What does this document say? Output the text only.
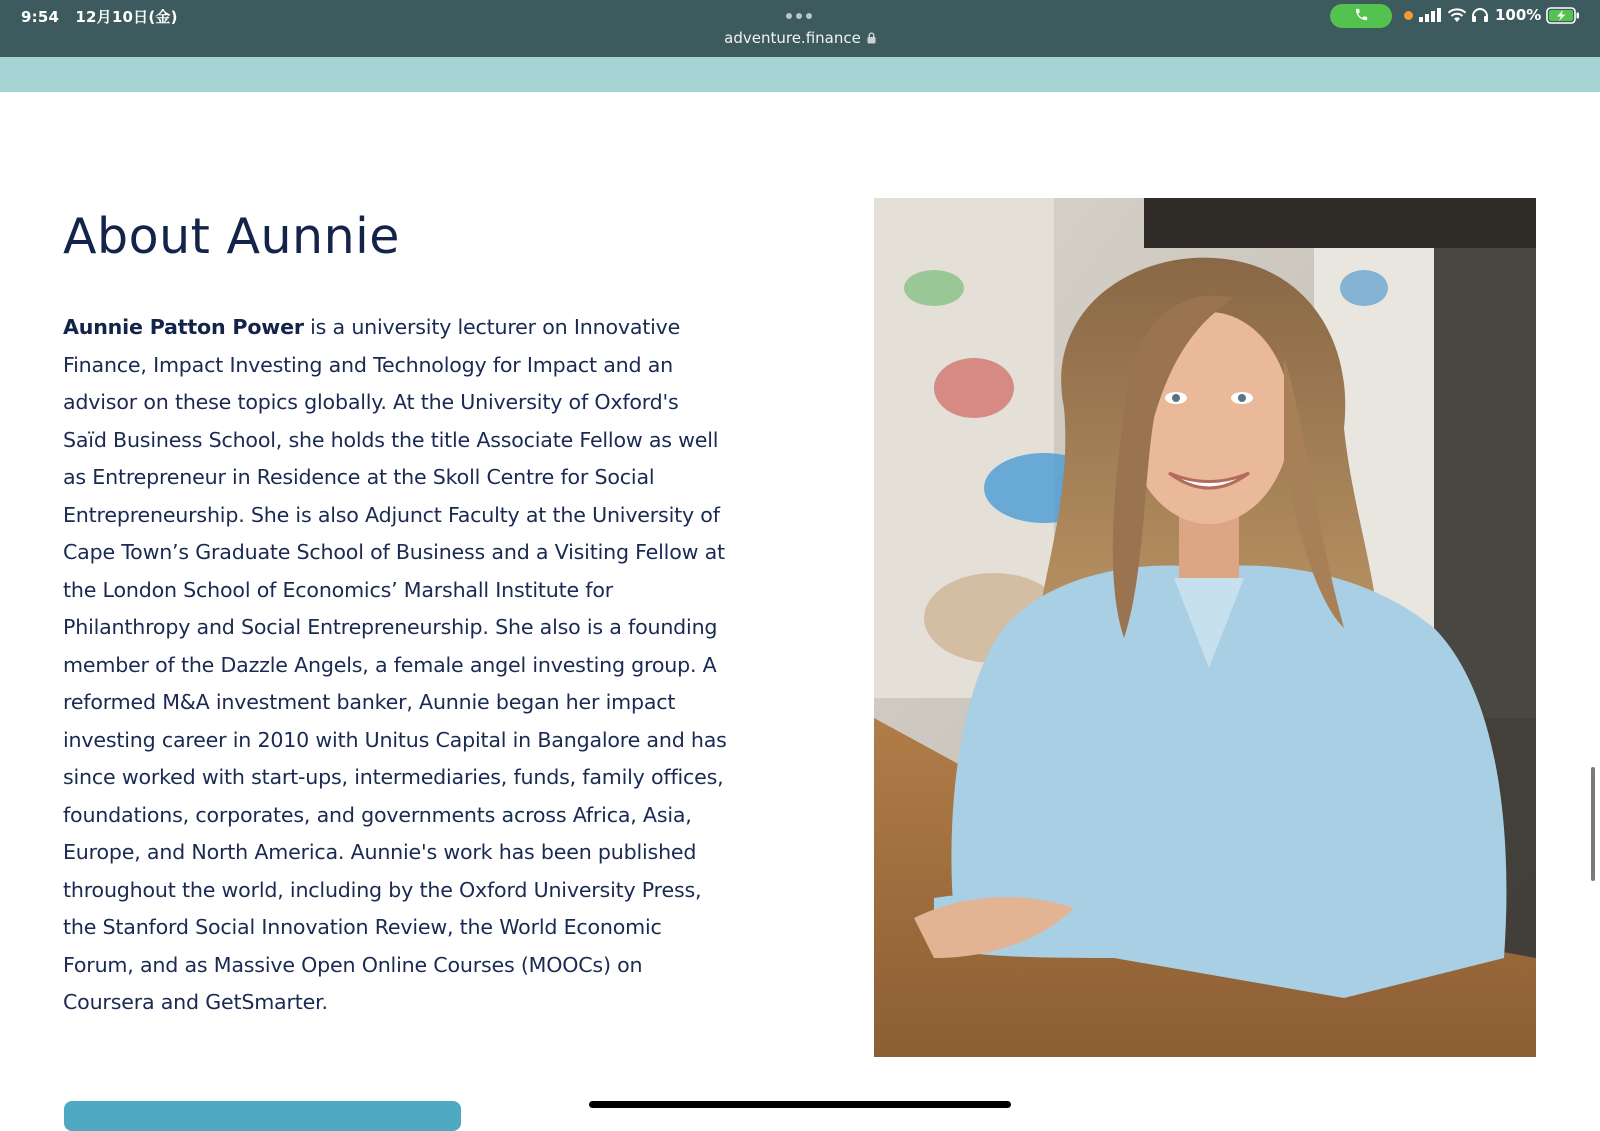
9:54 12月10日(金)
adventure.finance
100%
About Aunnie

Aunnie Patton Power is a university lecturer on Innovative Finance, Impact Investing and Technology for Impact and an advisor on these topics globally. At the University of Oxford's Saïd Business School, she holds the title Associate Fellow as well as Entrepreneur in Residence at the Skoll Centre for Social Entrepreneurship. She is also Adjunct Faculty at the University of Cape Town’s Graduate School of Business and a Visiting Fellow at the London School of Economics’ Marshall Institute for Philanthropy and Social Entrepreneurship. She also is a founding member of the Dazzle Angels, a female angel investing group. A reformed M&A investment banker, Aunnie began her impact investing career in 2010 with Unitus Capital in Bangalore and has since worked with start-ups, intermediaries, funds, family offices, foundations, corporates, and governments across Africa, Asia, Europe, and North America. Aunnie's work has been published throughout the world, including by the Oxford University Press, the Stanford Social Innovation Review, the World Economic Forum, and as Massive Open Online Courses (MOOCs) on Coursera and GetSmarter.
